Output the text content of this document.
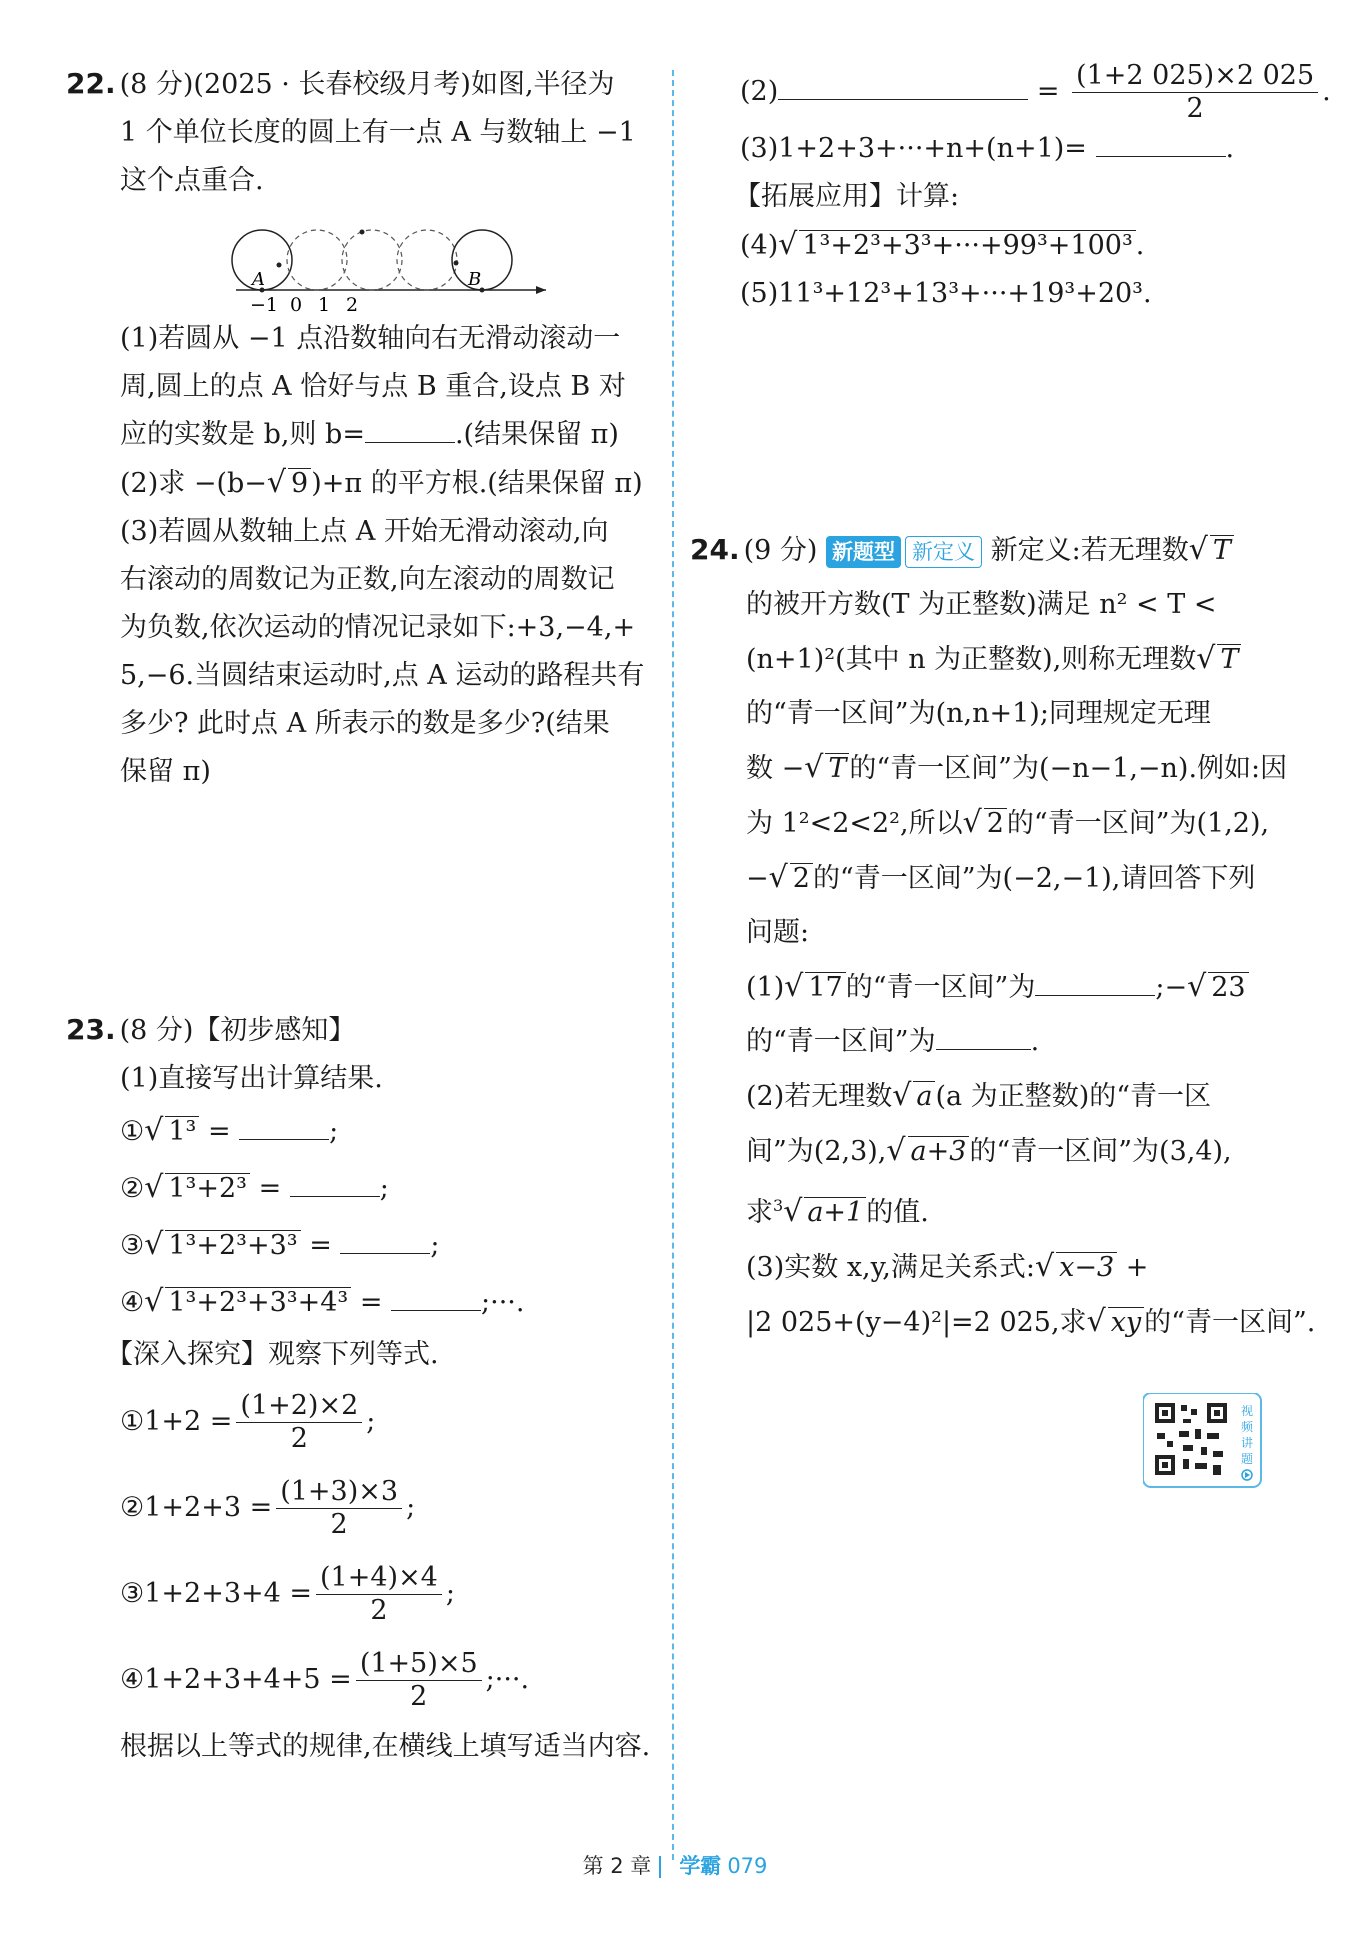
22. (8 分)(2025 · 长春校级月考)如图,半径为
1 个单位长度的圆上有一点 A 与数轴上 −1
这个点重合.
A	B
−1 0 1 2
(1)若圆从 −1 点沿数轴向右无滑动滚动一
周,圆上的点 A 恰好与点 B 重合,设点 B 对
应的实数是 b,则 b=	.(结果保留 π)
(2)求 −(b−√ 9 )+π 的平方根.(结果保留 π)
(3)若圆从数轴上点 A 开始无滑动滚动,向
右滚动的周数记为正数,向左滚动的周数记
为负数,依次运动的情况记录如下:+3,−4,+
5,−6.当圆结束运动时,点 A 运动的路程共有
多少? 此时点 A 所表示的数是多少?(结果
保留 π)
23. (8 分)【初步感知】
(1)直接写出计算结果.
①√ 1³ =	;
②√ 1³+2³ =	;
③√ 1³+2³+3³ =	;
④√ 1³+2³+3³+4³ =	;···.
【深入探究】观察下列等式.
①1+2 = $\frac{(1+2)\times 2}{2}$ ;
②1+2+3 = $\frac{(1+3)\times 3}{2}$ ;
③1+2+3+4 = $\frac{(1+4)\times 4}{2}$ ;
④1+2+3+4+5 = $\frac{(1+5)\times 5}{2}$ ;···.
根据以上等式的规律,在横线上填写适当内容.
(2)	= $\frac{(1+2 025)\times 2 025}{2}$ .
(3)1+2+3+···+n+(n+1)=	.
【拓展应用】计算:
(4)√ 1³+2³+3³+···+99³+100³ .
(5)11³+12³+13³+···+19³+20³.
24. (9 分) 新题型 新定义 新定义:若无理数√ T
的被开方数(T 为正整数)满足 n² < T <
(n+1)²(其中 n 为正整数),则称无理数√ T
的“青一区间”为(n,n+1);同理规定无理
数 −√ T 的“青一区间”为(−n−1,−n).例如:因
为 1²<2<2²,所以√ 2 的“青一区间”为(1,2),
−√ 2 的“青一区间”为(−2,−1),请回答下列
问题:
(1)√ 17 的“青一区间”为	;−√ 23
的“青一区间”为	.
(2)若无理数√ a (a 为正整数)的“青一区
间”为(2,3),√ a+3 的“青一区间”为(3,4),
求$^3$√ a+1 的值.
(3)实数 x,y,满足关系式:√ x−3 +
|2 025+(y−4)²|=2 025,求√ xy 的“青一区间”.
视
频
讲
题
第 2 章 学霸 079
